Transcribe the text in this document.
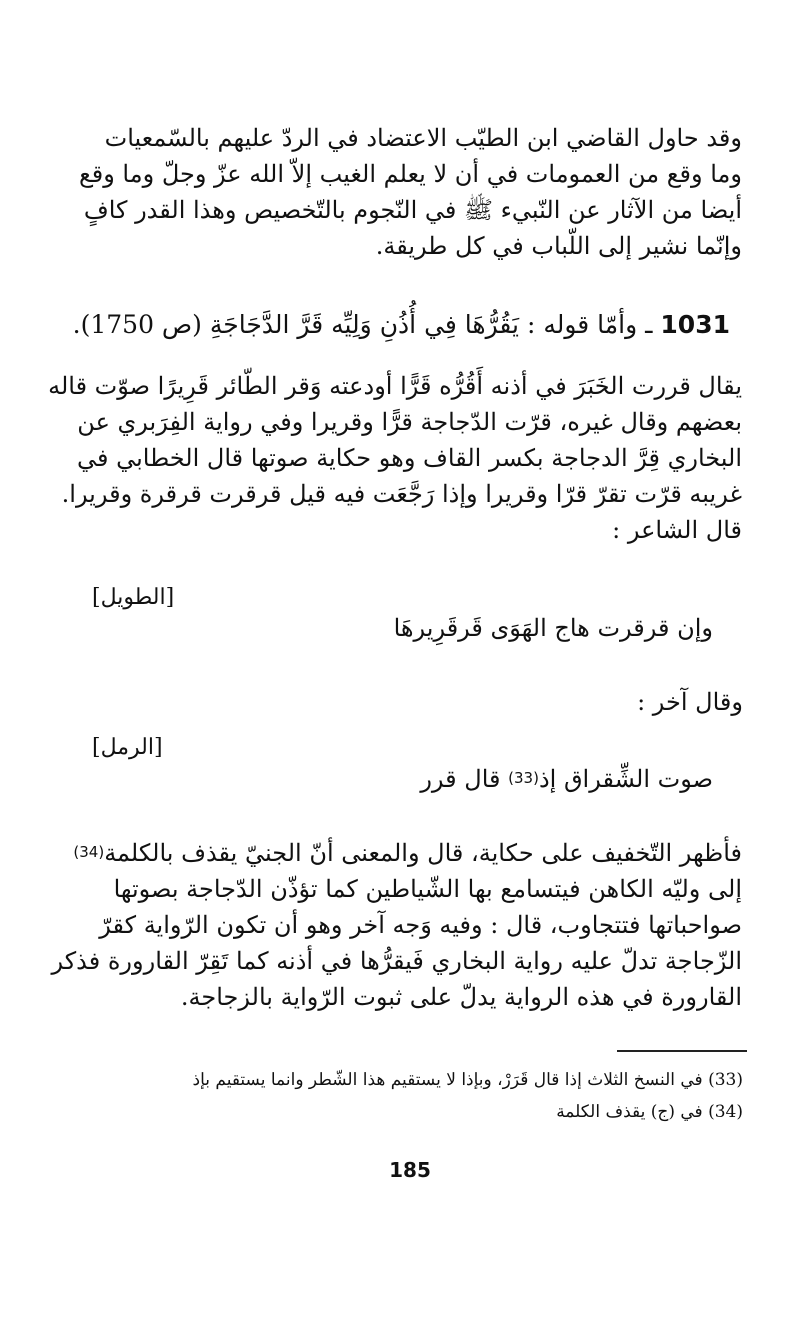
وقد حاول القاضي ابن الطيّب الاعتضاد في الردّ عليهم بالسّمعيات
وما وقع من العمومات في أن لا يعلم الغيب إلاّ الله عزّ وجلّ وما وقع
أيضا من الآثار عن النّبيء ﷺ في النّجوم بالتّخصيص وهذا القدر كافٍ
وإنّما نشير إلى اللّباب في كل طريقة.
1031 ـ وأمّا قوله : يَقُرُّهَا فِي أُذُنِ وَلِيِّه قَرَّ الدَّجَاجَةِ (ص 1750).
يقال قررت الخَبَرَ في أذنه أَقُرُّه قَرًّا أودعته وَقر الطّائر قَرِيرًا صوّت قاله
بعضهم وقال غيره، قرّت الدّجاجة قرًّا وقريرا وفي رواية الفِرَبري عن
البخاري قِرَّ الدجاجة بكسر القاف وهو حكاية صوتها قال الخطابي في
غريبه قرّت تقرّ قرّا وقريرا وإذا رَجَّعَت فيه قيل قرقرت قرقرة وقريرا.
قال الشاعر :
[الطويل]
وإن قرقرت هاج الهَوَى قَرقَرِيرهَا
وقال آخر :
[الرمل]
صوت الشِّقراق إذ(33) قال قرر
فأظهر التّخفيف على حكاية، قال والمعنى أنّ الجنيّ يقذف بالكلمة(34)
إلى وليّه الكاهن فيتسامع بها الشّياطين كما تؤذّن الدّجاجة بصوتها
صواحباتها فتتجاوب، قال : وفيه وَجه آخر وهو أن تكون الرّواية كقرّ
الزّجاجة تدلّ عليه رواية البخاري فَيقرُّها في أذنه كما تَقِرّ القارورة فذكر
القارورة في هذه الرواية يدلّ على ثبوت الرّواية بالزجاجة.
(33) في النسخ الثلاث إذا قال قَرَرْ، وبإذا لا يستقيم هذا الشّطر وانما يستقيم بإذ
(34) في (ج) يقذف الكلمة
185
